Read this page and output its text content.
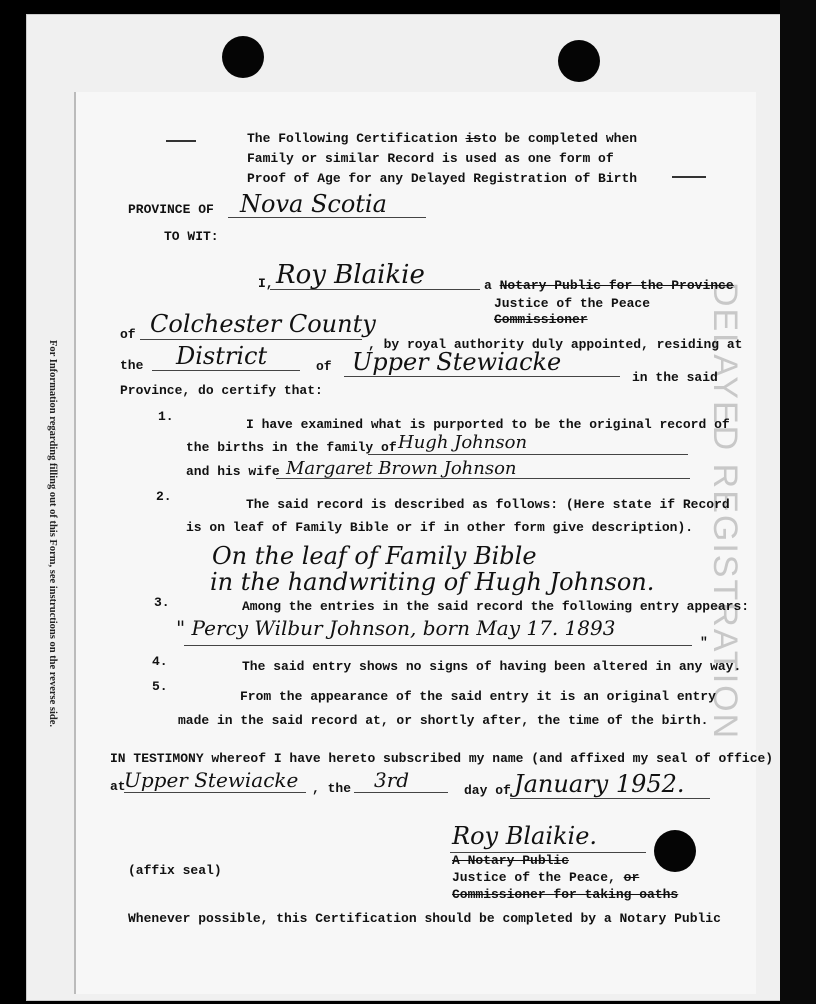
For Information regarding filling out of this Form, see instructions on the reverse side.	DELAYED REGISTRATION
The Following Certification isto be completed when
Family or similar Record is used as one form of
Proof of Age for any Delayed Registration of Birth
PROVINCE OF Nova Scotia
TO WIT:
I, Roy Blaikie	a Notary Public for the Province
Justice of the Peace
Commissioner
of Colchester County
, by royal authority duly appointed, residing at
the District	of Upper Stewiacke
in the said
Province, do certify that:
1.
I have examined what is purported to be the original record of
the births in the family of Hugh Johnson
and his wife Margaret Brown Johnson
2.
The said record is described as follows: (Here state if Record
is on leaf of Family Bible or if in other form give description).
On the leaf of Family Bible
in the handwriting of Hugh Johnson.
3.	Among the entries in the said record the following entry appears:
" Percy Wilbur Johnson, born May 17. 1893
"
4.	The said entry shows no signs of having been altered in any way.
5.
From the appearance of the said entry it is an original entry
made in the said record at, or shortly after, the time of the birth.
IN TESTIMONY whereof I have hereto subscribed my name (and affixed my seal of office)
at
Upper Stewiacke , the 3rd	day of January 1952.
Roy Blaikie.
(affix seal)
A Notary Public
Justice of the Peace, or
Commissioner for taking oaths
Whenever possible, this Certification should be completed by a Notary Public
